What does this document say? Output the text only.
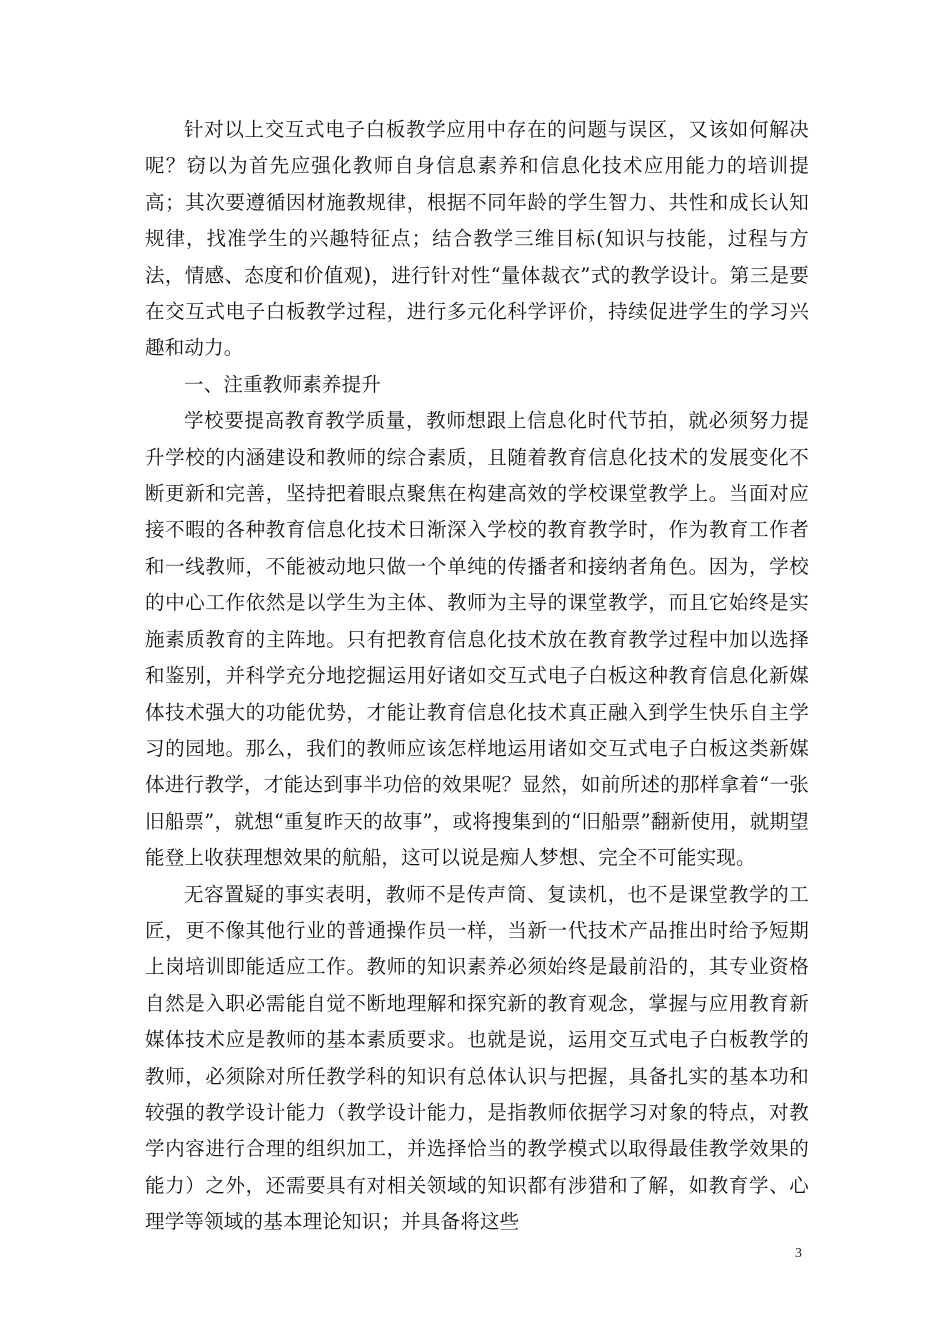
针对以上交互式电子白板教学应用中存在的问题与误区，又该如何解决呢？窃以为首先应强化教师自身信息素养和信息化技术应用能力的培训提高；其次要遵循因材施教规律，根据不同年龄的学生智力、共性和成长认知规律，找准学生的兴趣特征点；结合教学三维目标(知识与技能，过程与方法，情感、态度和价值观)，进行针对性“量体裁衣”式的教学设计。第三是要在交互式电子白板教学过程，进行多元化科学评价，持续促进学生的学习兴趣和动力。

一、注重教师素养提升

学校要提高教育教学质量，教师想跟上信息化时代节拍，就必须努力提升学校的内涵建设和教师的综合素质，且随着教育信息化技术的发展变化不断更新和完善，坚持把着眼点聚焦在构建高效的学校课堂教学上。当面对应接不暇的各种教育信息化技术日渐深入学校的教育教学时，作为教育工作者和一线教师，不能被动地只做一个单纯的传播者和接纳者角色。因为，学校的中心工作依然是以学生为主体、教师为主导的课堂教学，而且它始终是实施素质教育的主阵地。只有把教育信息化技术放在教育教学过程中加以选择和鉴别，并科学充分地挖掘运用好诸如交互式电子白板这种教育信息化新媒体技术强大的功能优势，才能让教育信息化技术真正融入到学生快乐自主学习的园地。那么，我们的教师应该怎样地运用诸如交互式电子白板这类新媒体进行教学，才能达到事半功倍的效果呢？显然，如前所述的那样拿着“一张旧船票”，就想“重复昨天的故事”，或将搜集到的“旧船票”翻新使用，就期望能登上收获理想效果的航船，这可以说是痴人梦想、完全不可能实现。

无容置疑的事实表明，教师不是传声筒、复读机，也不是课堂教学的工匠，更不像其他行业的普通操作员一样，当新一代技术产品推出时给予短期上岗培训即能适应工作。教师的知识素养必须始终是最前沿的，其专业资格自然是入职必需能自觉不断地理解和探究新的教育观念，掌握与应用教育新媒体技术应是教师的基本素质要求。也就是说，运用交互式电子白板教学的教师，必须除对所任教学科的知识有总体认识与把握，具备扎实的基本功和较强的教学设计能力（教学设计能力，是指教师依据学习对象的特点，对教学内容进行合理的组织加工，并选择恰当的教学模式以取得最佳教学效果的能力）之外，还需要具有对相关领域的知识都有涉猎和了解，如教育学、心理学等领域的基本理论知识；并具备将这些

3
